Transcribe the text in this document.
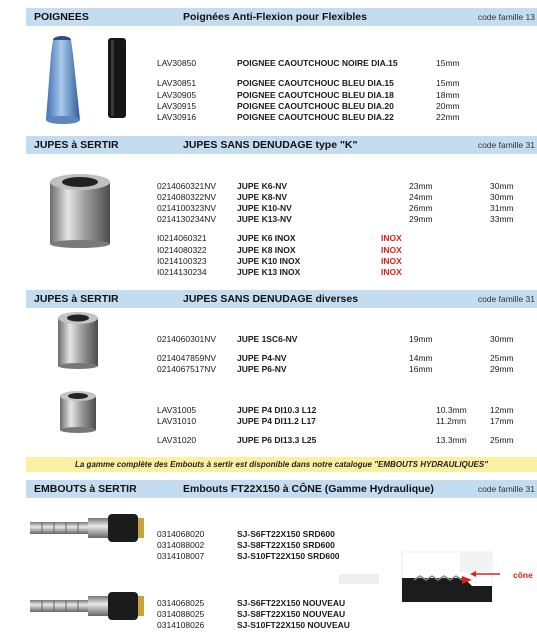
POIGNEES	Poignées Anti-Flexion pour Flexibles	code famille 13
LAV30850	POIGNEE CAOUTCHOUC NOIRE DIA.15	15mm
LAV30851	POIGNEE CAOUTCHOUC BLEU DIA.15	15mm
LAV30905	POIGNEE CAOUTCHOUC BLEU DIA.18	18mm
LAV30915	POIGNEE CAOUTCHOUC BLEU DIA.20	20mm
LAV30916	POIGNEE CAOUTCHOUC BLEU DIA.22	22mm
JUPES à SERTIR	JUPES SANS DENUDAGE type "K"	code famille 31
0214060321NV JUPE K6-NV	23mm	30mm
0214080322NV JUPE K8-NV	24mm	30mm
0214100323NV JUPE K10-NV	26mm	31mm
0214130234NV JUPE K13-NV	29mm	33mm
I0214060321	JUPE K6 INOX	INOX
I0214080322	JUPE K8 INOX	INOX
I0214100323	JUPE K10 INOX	INOX
I0214130234	JUPE K13 INOX	INOX
JUPES à SERTIR	JUPES SANS DENUDAGE diverses	code famille 31
0214060301NV JUPE 1SC6-NV	19mm	30mm
0214047859NV JUPE P4-NV	14mm	25mm
0214067517NV JUPE P6-NV	16mm	29mm
LAV31005	JUPE P4 DI10.3 L12	10.3mm	12mm
LAV31010	JUPE P4 DI11.2 L17	11.2mm	17mm
LAV31020	JUPE P6 DI13.3 L25	13.3mm	25mm
La gamme complète des Embouts à sertir est disponible dans notre catalogue "EMBOUTS HYDRAULIQUES"
EMBOUTS à SERTIR	Embouts FT22X150 à CÔNE (Gamme Hydraulique)	code famille 31
0314068020	SJ-S6FT22X150 SRD600
0314088002	SJ-S8FT22X150 SRD600
0314108007	SJ-S10FT22X150 SRD600
0314068025	SJ-S6FT22X150 NOUVEAU
0314088025	SJ-S8FT22X150 NOUVEAU
0314108026	SJ-S10FT22X150 NOUVEAU
cône
